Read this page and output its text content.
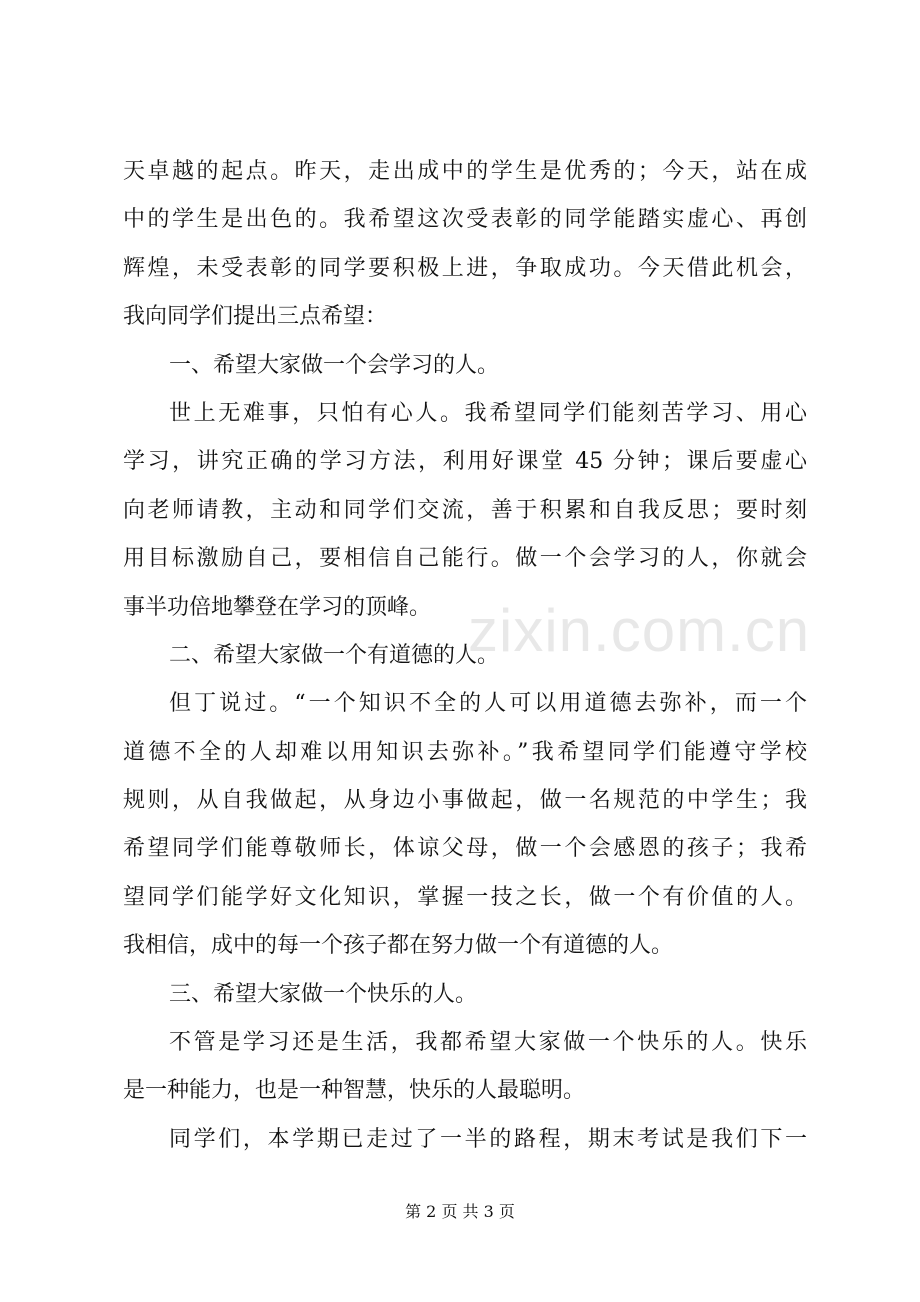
天卓越的起点。昨天，走出成中的学生是优秀的；今天，站在成
中的学生是出色的。我希望这次受表彰的同学能踏实虚心、再创
辉煌，未受表彰的同学要积极上进，争取成功。今天借此机会，
我向同学们提出三点希望：
一、希望大家做一个会学习的人。
世上无难事，只怕有心人。我希望同学们能刻苦学习、用心
学习，讲究正确的学习方法，利用好课堂 45 分钟；课后要虚心
向老师请教，主动和同学们交流，善于积累和自我反思；要时刻
用目标激励自己，要相信自己能行。做一个会学习的人，你就会
事半功倍地攀登在学习的顶峰。
二、希望大家做一个有道德的人。
但丁说过。“一个知识不全的人可以用道德去弥补，而一个
道德不全的人却难以用知识去弥补。”我希望同学们能遵守学校
规则，从自我做起，从身边小事做起，做一名规范的中学生；我
希望同学们能尊敬师长，体谅父母，做一个会感恩的孩子；我希
望同学们能学好文化知识，掌握一技之长，做一个有价值的人。
我相信，成中的每一个孩子都在努力做一个有道德的人。
三、希望大家做一个快乐的人。
不管是学习还是生活，我都希望大家做一个快乐的人。快乐
是一种能力，也是一种智慧，快乐的人最聪明。
同学们，本学期已走过了一半的路程，期末考试是我们下一
zixin.com.cn
第 2 页 共 3 页
